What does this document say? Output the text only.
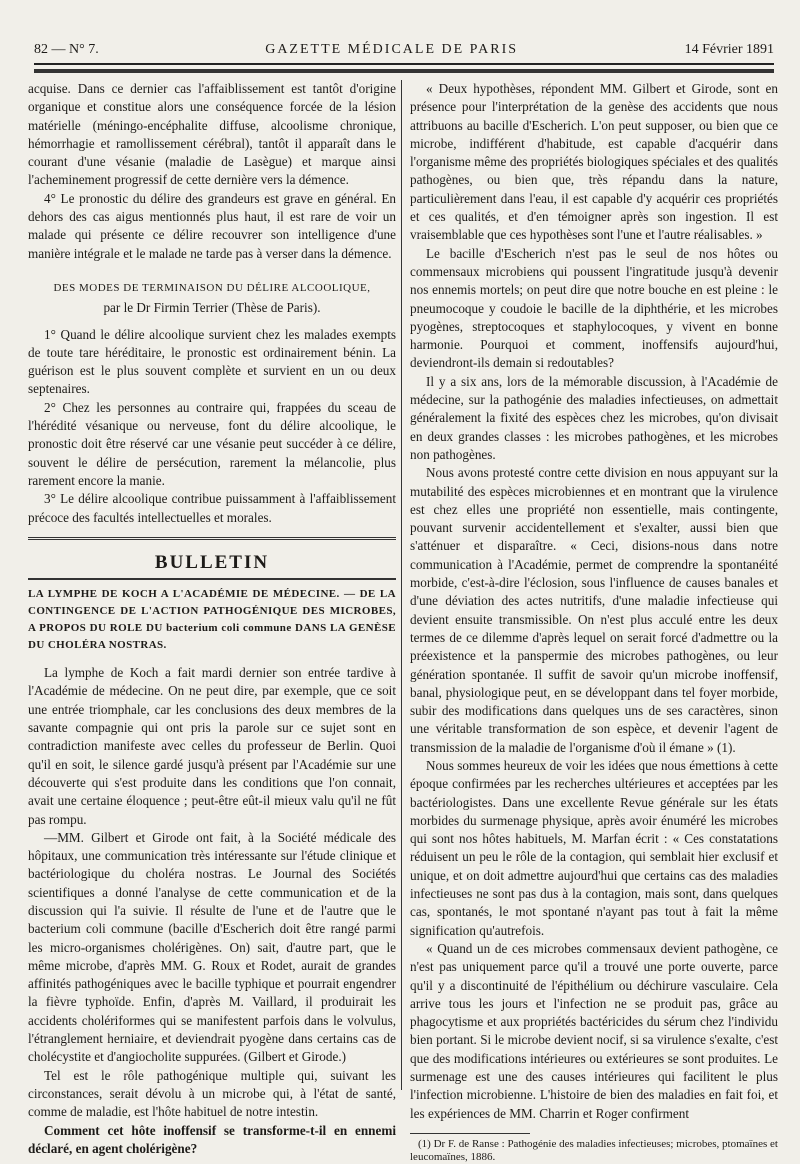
82 — N° 7.	GAZETTE MÉDICALE DE PARIS	14 Février 1891

acquise. Dans ce dernier cas l'affaiblissement est tantôt d'origine organique et constitue alors une conséquence forcée de la lésion matérielle (méningo-encéphalite diffuse, alcoolisme chronique, hémorrhagie et ramollissement cérébral), tantôt il apparaît dans le courant d'une vésanie (maladie de Lasègue) et marque ainsi l'acheminement progressif de cette dernière vers la démence.

4° Le pronostic du délire des grandeurs est grave en général. En dehors des cas aigus mentionnés plus haut, il est rare de voir un malade qui présente ce délire recouvrer son intelligence d'une manière intégrale et le malade ne tarde pas à verser dans la démence.

DES MODES DE TERMINAISON DU DÉLIRE ALCOOLIQUE,

par le Dr Firmin Terrier (Thèse de Paris).

1° Quand le délire alcoolique survient chez les malades exempts de toute tare héréditaire, le pronostic est ordinairement bénin. La guérison est le plus souvent complète et survient en un ou deux septenaires.

2° Chez les personnes au contraire qui, frappées du sceau de l'hérédité vésanique ou nerveuse, font du délire alcoolique, le pronostic doit être réservé car une vésanie peut succéder à ce délire, souvent le délire de persécution, rarement la mélancolie, plus rarement encore la manie.

3° Le délire alcoolique contribue puissamment à l'affaiblissement précoce des facultés intellectuelles et morales.

BULLETIN

LA LYMPHE DE KOCH A L'ACADÉMIE DE MÉDECINE. — DE LA CONTINGENCE DE L'ACTION PATHOGÉNIQUE DES MICROBES, A PROPOS DU ROLE DU bacterium coli commune DANS LA GENÈSE DU CHOLÉRA NOSTRAS.

La lymphe de Koch a fait mardi dernier son entrée tardive à l'Académie de médecine. On ne peut dire, par exemple, que ce soit une entrée triomphale, car les conclusions des deux membres de la savante compagnie qui ont pris la parole sur ce sujet sont en contradiction manifeste avec celles du professeur de Berlin. Quoi qu'il en soit, le silence gardé jusqu'à présent par l'Académie sur une découverte qui s'est produite dans les conditions que l'on connait, avait une certaine éloquence ; peut-être eût-il mieux valu qu'il ne fût pas rompu.

—MM. Gilbert et Girode ont fait, à la Société médicale des hôpitaux, une communication très intéressante sur l'étude clinique et bactériologique du choléra nostras. Le Journal des Sociétés scientifiques a donné l'analyse de cette communication et de la discussion qui l'a suivie. Il résulte de l'une et de l'autre que le bacterium coli commune (bacille d'Escherich doit être rangé parmi les micro-organismes cholérigènes. On) sait, d'autre part, que le même microbe, d'après MM. G. Roux et Rodet, aurait de grandes affinités pathogéniques avec le bacille typhique et pourrait engendrer la fièvre typhoïde. Enfin, d'après M. Vaillard, il produirait les accidents cholériformes qui se manifestent parfois dans le volvulus, l'étranglement herniaire, et deviendrait pyogène dans certains cas de cholécystite et d'angiocholite suppurées. (Gilbert et Girode.)

Tel est le rôle pathogénique multiple qui, suivant les circonstances, serait dévolu à un microbe qui, à l'état de santé, comme de maladie, est l'hôte habituel de notre intestin.

Comment cet hôte inoffensif se transforme-t-il en ennemi déclaré, en agent cholérigène?

« Deux hypothèses, répondent MM. Gilbert et Girode, sont en présence pour l'interprétation de la genèse des accidents que nous attribuons au bacille d'Escherich. L'on peut supposer, ou bien que ce microbe, indifférent d'habitude, est capable d'acquérir dans l'organisme même des propriétés biologiques spéciales et des qualités pathogènes, ou bien que, très répandu dans la nature, particulièrement dans l'eau, il est capable d'y acquérir ces propriétés et ces qualités, et d'en témoigner après son ingestion. Il est vraisemblable que ces hypothèses sont l'une et l'autre réalisables. »

Le bacille d'Escherich n'est pas le seul de nos hôtes ou commensaux microbiens qui poussent l'ingratitude jusqu'à devenir nos ennemis mortels; on peut dire que notre bouche en est pleine : le pneumocoque y coudoie le bacille de la diphthérie, et les microbes pyogènes, streptocoques et staphylocoques, y vivent en bonne harmonie. Pourquoi et comment, inoffensifs aujourd'hui, deviendront-ils demain si redoutables?

Il y a six ans, lors de la mémorable discussion, à l'Académie de médecine, sur la pathogénie des maladies infectieuses, on admettait généralement la fixité des espèces chez les microbes, qu'on divisait en deux grandes classes : les microbes pathogènes, et les microbes non pathogènes.

Nous avons protesté contre cette division en nous appuyant sur la mutabilité des espèces microbiennes et en montrant que la virulence est chez elles une propriété non essentielle, mais contingente, pouvant survenir accidentellement et s'exalter, aussi bien que s'atténuer et disparaître. « Ceci, disions-nous dans notre communication à l'Académie, permet de comprendre la spontanéité morbide, c'est-à-dire l'éclosion, sous l'influence de causes banales et d'une déviation des actes nutritifs, d'une maladie infectieuse qui devient ensuite transmissible. On n'est plus acculé entre les deux termes de ce dilemme d'après lequel on serait forcé d'admettre ou la préexistence et la panspermie des microbes pathogènes, ou leur génération spontanée. Il suffit de savoir qu'un microbe inoffensif, banal, physiologique peut, en se développant dans tel foyer morbide, subir des modifications dans quelques uns de ses caractères, sinon une véritable transformation de son espèce, et devenir l'agent de transmission de la maladie de l'organisme d'où il émane » (1).

Nous sommes heureux de voir les idées que nous émettions à cette époque confirmées par les recherches ultérieures et acceptées par les bactériologistes. Dans une excellente Revue générale sur les états morbides du surmenage physique, après avoir énuméré les microbes qui sont nos hôtes habituels, M. Marfan écrit : « Ces constatations réduisent un peu le rôle de la contagion, qui semblait hier exclusif et unique, et on doit admettre aujourd'hui que certains cas des maladies infectieuses ne sont pas dus à la contagion, mais sont, dans quelques cas, spontanés, le mot spontané n'ayant pas tout à fait la même signification qu'autrefois.

« Quand un de ces microbes commensaux devient pathogène, ce n'est pas uniquement parce qu'il a trouvé une porte ouverte, parce qu'il y a discontinuité de l'épithélium ou déchirure vasculaire. Cela arrive tous les jours et l'infection ne se produit pas, grâce au phagocytisme et aux propriétés bactéricides du sérum chez l'individu bien portant. Si le microbe devient nocif, si sa virulence s'exalte, c'est que des modifications intérieures ou extérieures se sont produites. Le surmenage est une des causes intérieures qui facilitent le plus l'infection microbienne. L'histoire de bien des maladies en fait foi, et les expériences de MM. Charrin et Roger confirment

(1) Dr F. de Ranse : Pathogénie des maladies infectieuses; microbes, ptomaïnes et leucomaïnes, 1886.
